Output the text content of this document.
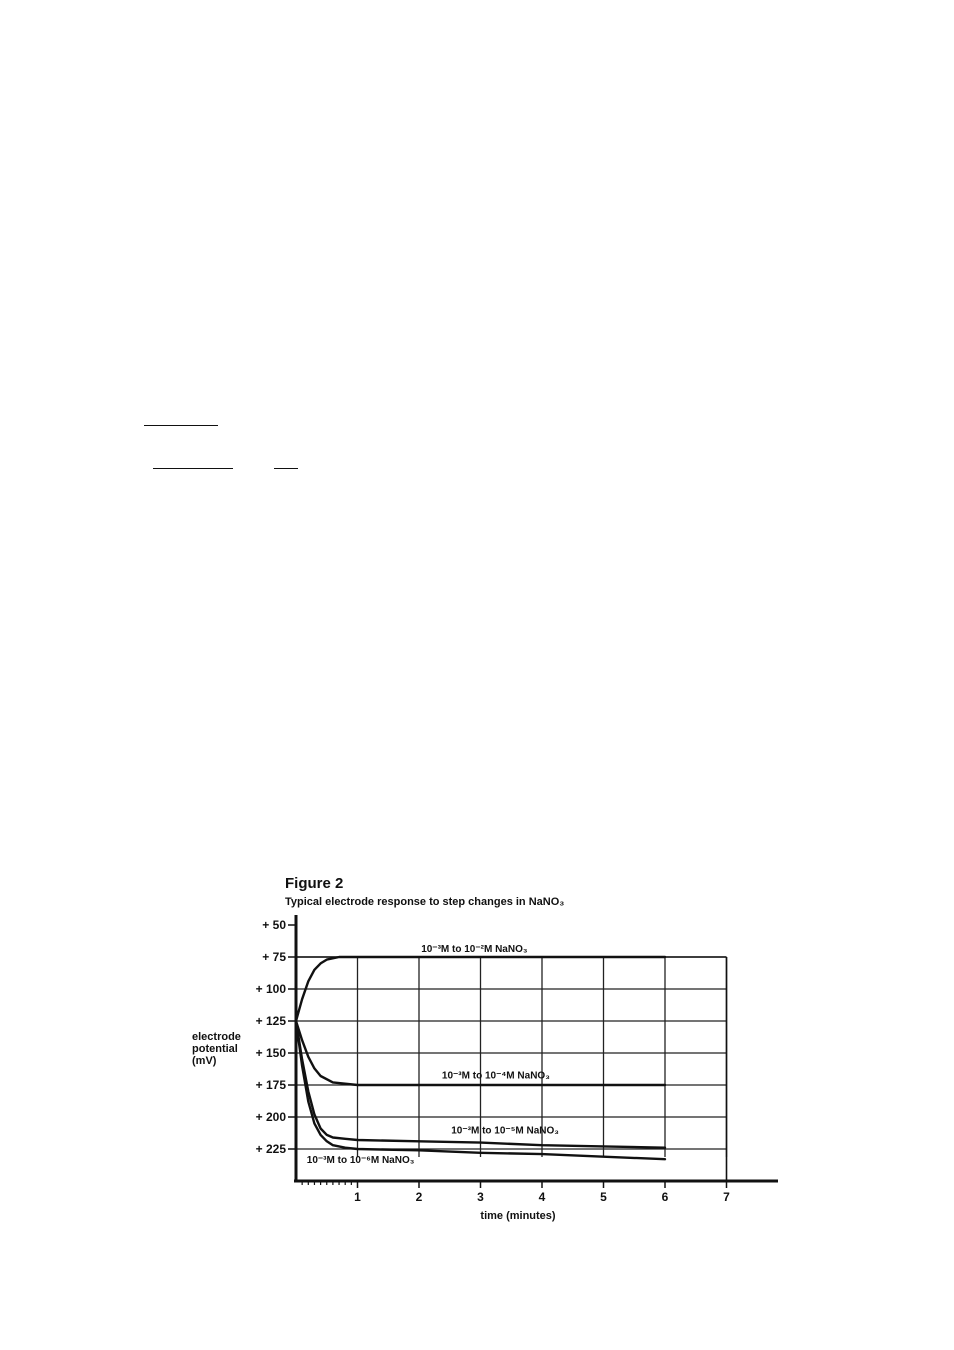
Figure 2
Typical electrode response to step changes in NaNO₃
+ 50
+ 75
+ 100
+ 125
+ 150
+ 175
+ 200
+ 225
1	2	3	4	5	6	7
10⁻³M to 10⁻²M NaNO₃
10⁻³M to 10⁻⁴M NaNO₃
10⁻³M to 10⁻⁵M NaNO₃
10⁻³M to 10⁻⁶M NaNO₃
time (minutes)
electrode
potential
(mV)
